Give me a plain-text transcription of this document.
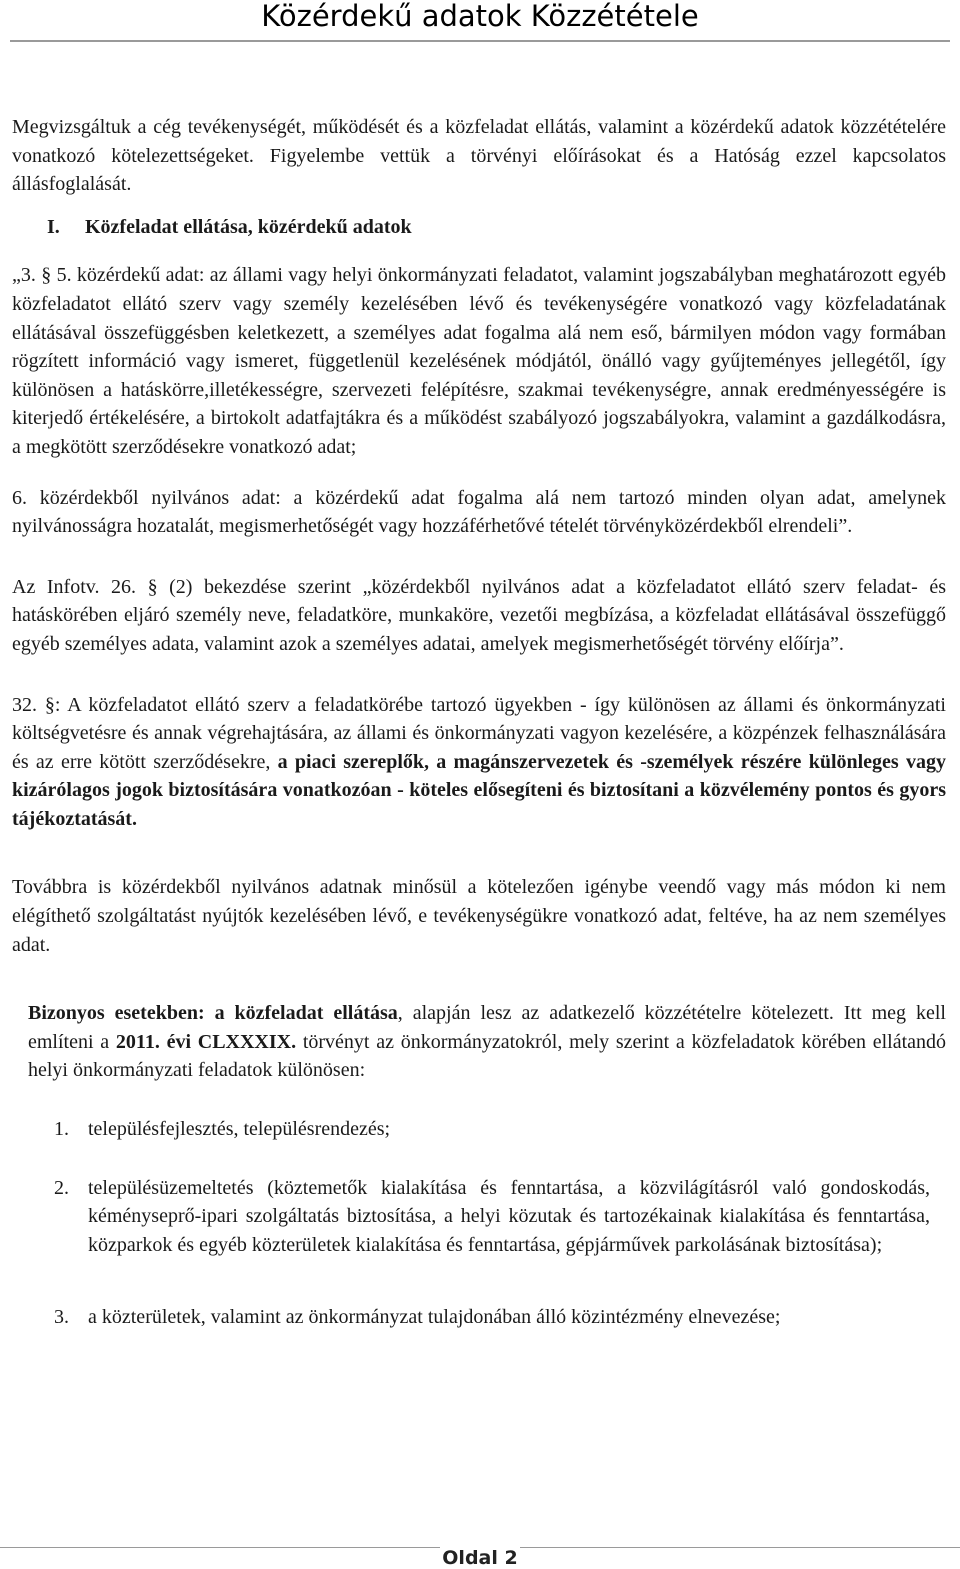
Közérdekű adatok Közzététele

Megvizsgáltuk a cég tevékenységét, működését és a közfeladat ellátás, valamint a közérdekű adatok közzétételére vonatkozó kötelezettségeket. Figyelembe vettük a törvényi előírásokat és a Hatóság ezzel kapcsolatos állásfoglalását.

I. Közfeladat ellátása, közérdekű adatok

„3. § 5. közérdekű adat: az állami vagy helyi önkormányzati feladatot, valamint jogszabályban meghatározott egyéb közfeladatot ellátó szerv vagy személy kezelésében lévő és tevékenységére vonatkozó vagy közfeladatának ellátásával összefüggésben keletkezett, a személyes adat fogalma alá nem eső, bármilyen módon vagy formában rögzített információ vagy ismeret, függetlenül kezelésének módjától, önálló vagy gyűjteményes jellegétől, így különösen a hatáskörre,illetékességre, szervezeti felépítésre, szakmai tevékenységre, annak eredményességére is kiterjedő értékelésére, a birtokolt adatfajtákra és a működést szabályozó jogszabályokra, valamint a gazdálkodásra, a megkötött szerződésekre vonatkozó adat;

6. közérdekből nyilvános adat: a közérdekű adat fogalma alá nem tartozó minden olyan adat, amelynek nyilvánosságra hozatalát, megismerhetőségét vagy hozzáférhetővé tételét törvényközérdekből elrendeli”.

Az Infotv. 26. § (2) bekezdése szerint „közérdekből nyilvános adat a közfeladatot ellátó szerv feladat- és hatáskörében eljáró személy neve, feladatköre, munkaköre, vezetői megbízása, a közfeladat ellátásával összefüggő egyéb személyes adata, valamint azok a személyes adatai, amelyek megismerhetőségét törvény előírja”.

32. §: A közfeladatot ellátó szerv a feladatkörébe tartozó ügyekben - így különösen az állami és önkormányzati költségvetésre és annak végrehajtására, az állami és önkormányzati vagyon kezelésére, a közpénzek felhasználására és az erre kötött szerződésekre, a piaci szereplők, a magánszervezetek és -személyek részére különleges vagy kizárólagos jogok biztosítására vonatkozóan - köteles elősegíteni és biztosítani a közvélemény pontos és gyors tájékoztatását.

Továbbra is közérdekből nyilvános adatnak minősül a kötelezően igénybe veendő vagy más módon ki nem elégíthető szolgáltatást nyújtók kezelésében lévő, e tevékenységükre vonatkozó adat, feltéve, ha az nem személyes adat.

Bizonyos esetekben: a közfeladat ellátása, alapján lesz az adatkezelő közzétételre kötelezett. Itt meg kell említeni a 2011. évi CLXXXIX. törvényt az önkormányzatokról, mely szerint a közfeladatok körében ellátandó helyi önkormányzati feladatok különösen:

1. településfejlesztés, településrendezés;
2. településüzemeltetés (köztemetők kialakítása és fenntartása, a közvilágításról való gondoskodás, kéményseprő-ipari szolgáltatás biztosítása, a helyi közutak és tartozékainak kialakítása és fenntartása, közparkok és egyéb közterületek kialakítása és fenntartása, gépjárművek parkolásának biztosítása);
3. a közterületek, valamint az önkormányzat tulajdonában álló közintézmény elnevezése;
Oldal 2
